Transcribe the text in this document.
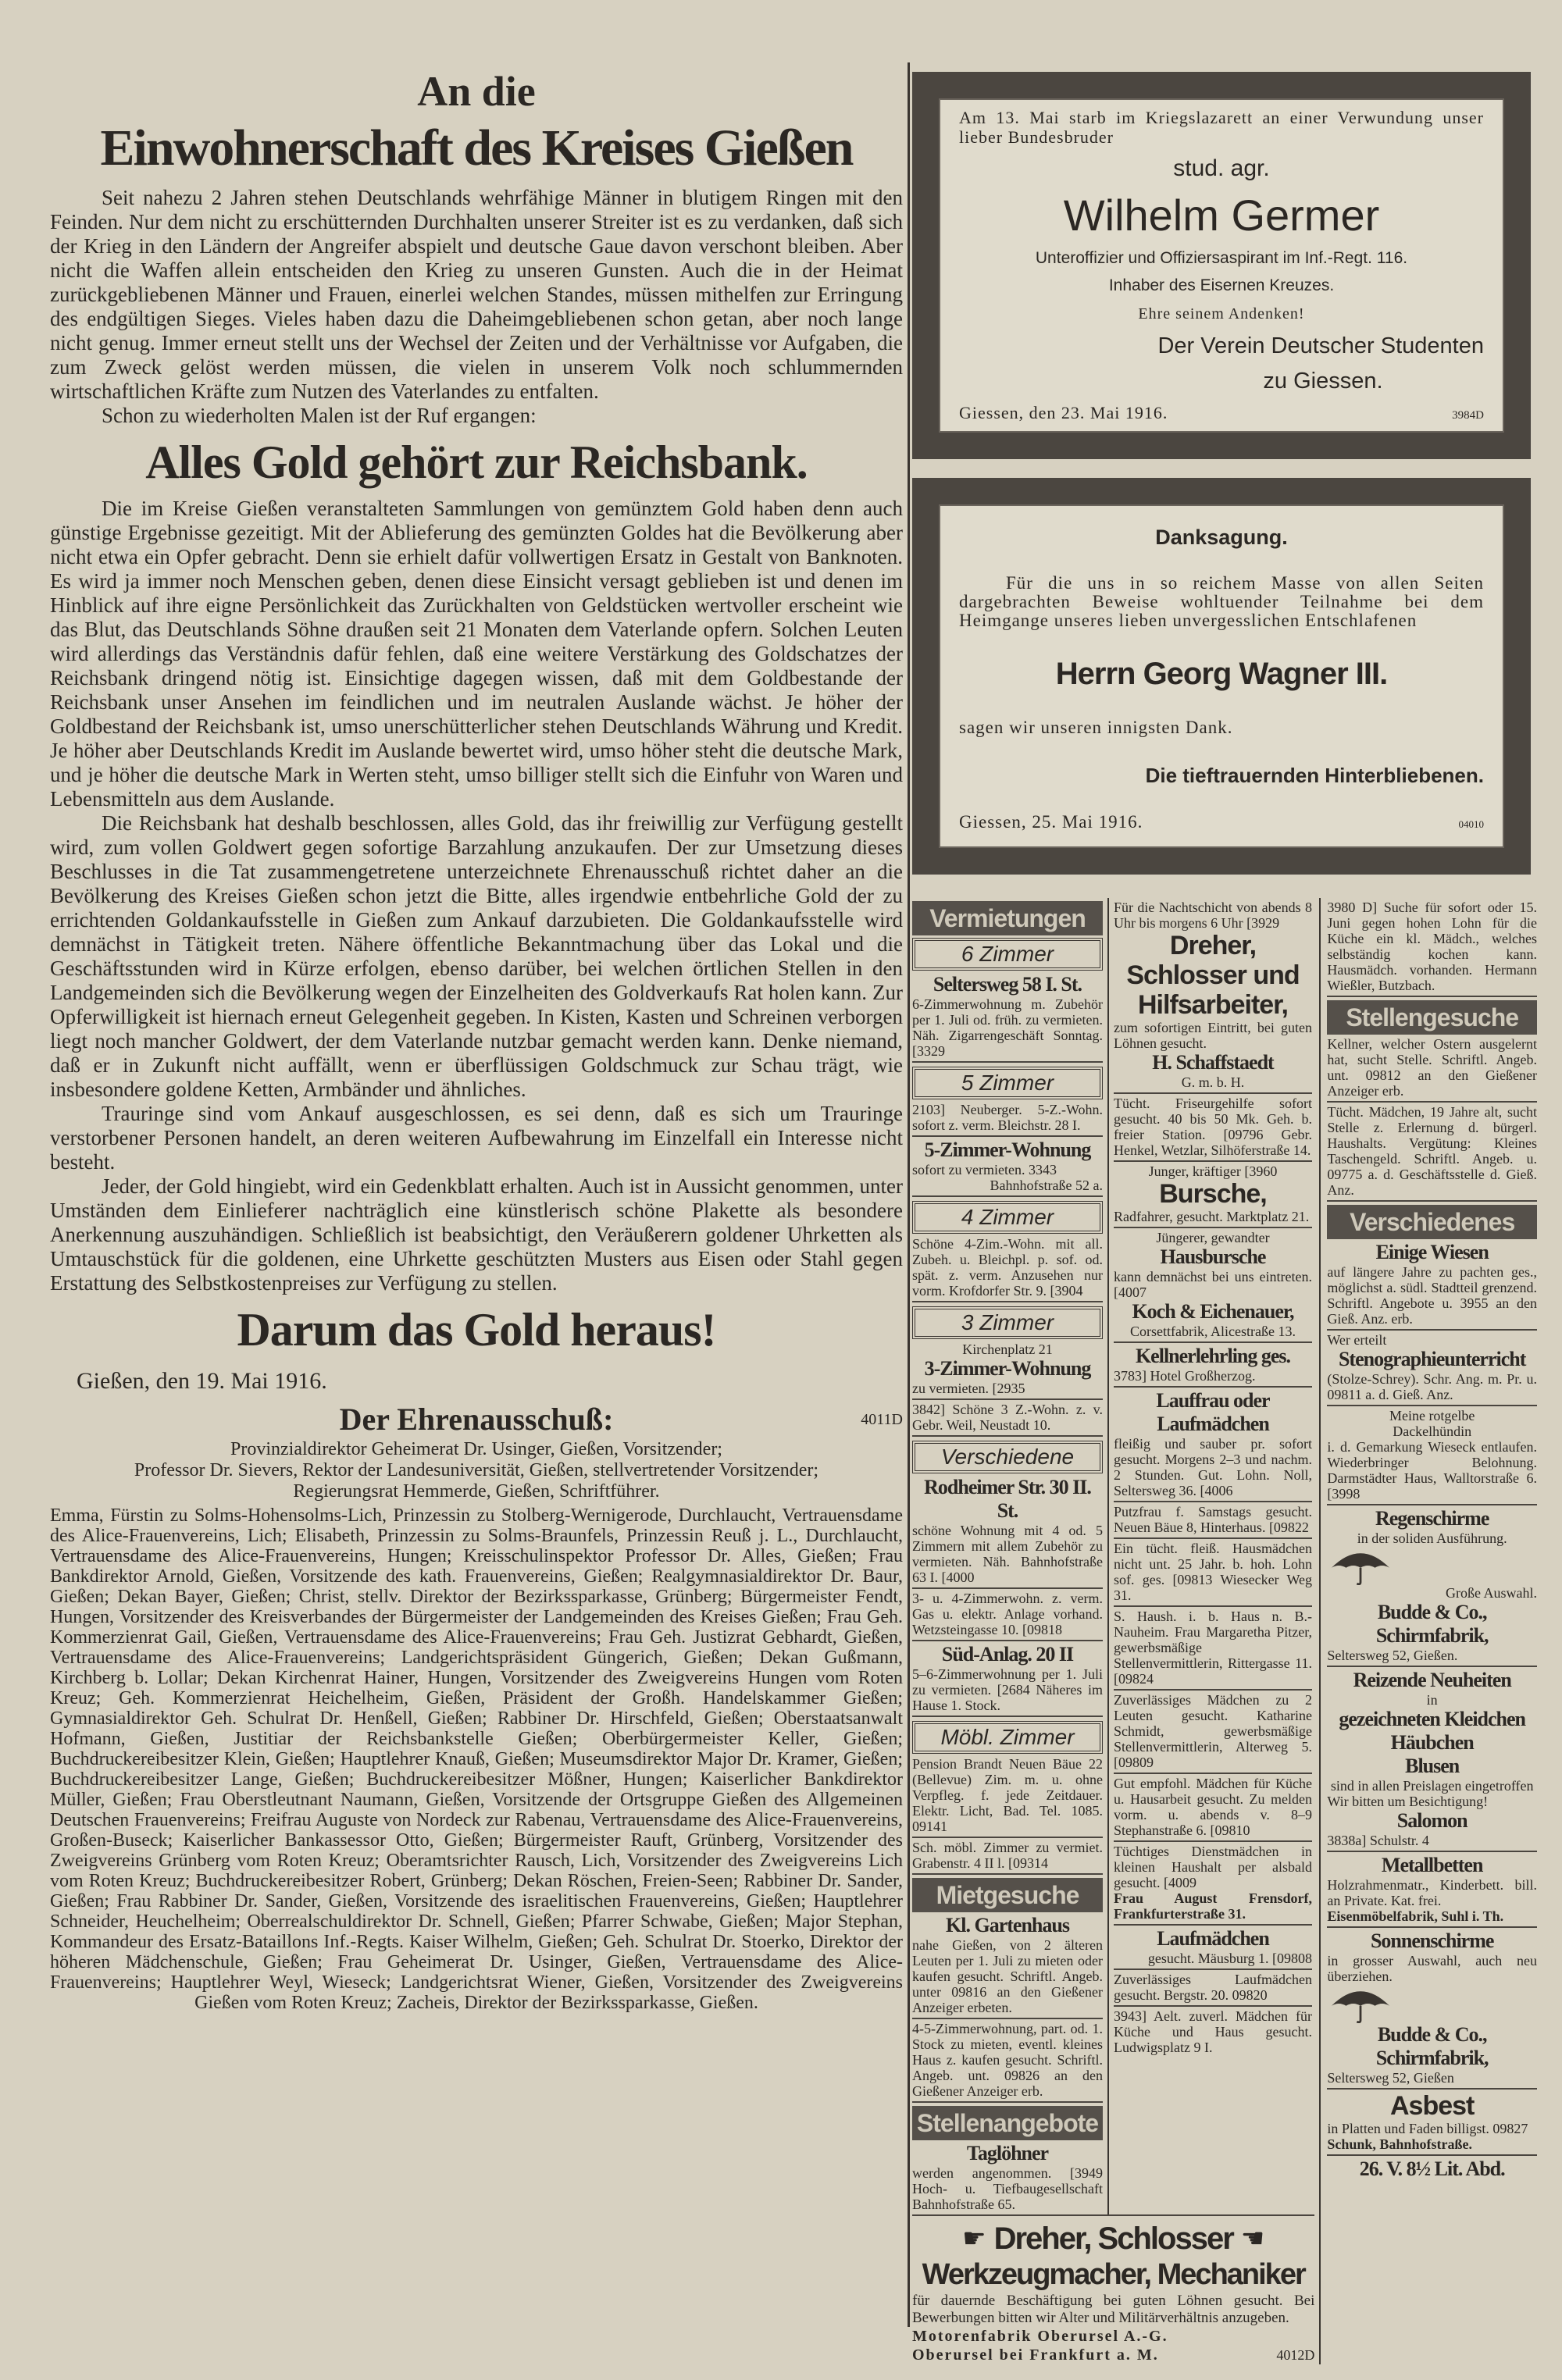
An die
Einwohnerschaft des Kreises Gießen

Seit nahezu 2 Jahren stehen Deutschlands wehrfähige Männer in blutigem Ringen mit den Feinden. Nur dem nicht zu erschütternden Durchhalten unserer Streiter ist es zu verdanken, daß sich der Krieg in den Ländern der Angreifer abspielt und deutsche Gaue davon verschont bleiben. Aber nicht die Waffen allein entscheiden den Krieg zu unseren Gunsten. Auch die in der Heimat zurückgebliebenen Männer und Frauen, einerlei welchen Standes, müssen mithelfen zur Erringung des endgültigen Sieges. Vieles haben dazu die Daheimgebliebenen schon getan, aber noch lange nicht genug. Immer erneut stellt uns der Wechsel der Zeiten und der Verhältnisse vor Aufgaben, die zum Zweck gelöst werden müssen, die vielen in unserem Volk noch schlummernden wirtschaftlichen Kräfte zum Nutzen des Vaterlandes zu entfalten.

Schon zu wiederholten Malen ist der Ruf ergangen:

Alles Gold gehört zur Reichsbank.

Die im Kreise Gießen veranstalteten Sammlungen von gemünztem Gold haben denn auch günstige Ergebnisse gezeitigt. Mit der Ablieferung des gemünzten Goldes hat die Bevölkerung aber nicht etwa ein Opfer gebracht. Denn sie erhielt dafür vollwertigen Ersatz in Gestalt von Banknoten. Es wird ja immer noch Menschen geben, denen diese Einsicht versagt geblieben ist und denen im Hinblick auf ihre eigne Persönlichkeit das Zurückhalten von Geldstücken wertvoller erscheint wie das Blut, das Deutschlands Söhne draußen seit 21 Monaten dem Vaterlande opfern. Solchen Leuten wird allerdings das Verständnis dafür fehlen, daß eine weitere Verstärkung des Goldschatzes der Reichsbank dringend nötig ist. Einsichtige dagegen wissen, daß mit dem Goldbestande der Reichsbank unser Ansehen im feindlichen und im neutralen Auslande wächst. Je höher der Goldbestand der Reichsbank ist, umso unerschütterlicher stehen Deutschlands Währung und Kredit. Je höher aber Deutschlands Kredit im Auslande bewertet wird, umso höher steht die deutsche Mark, und je höher die deutsche Mark in Werten steht, umso billiger stellt sich die Einfuhr von Waren und Lebensmitteln aus dem Auslande.

Die Reichsbank hat deshalb beschlossen, alles Gold, das ihr freiwillig zur Verfügung gestellt wird, zum vollen Goldwert gegen sofortige Barzahlung anzukaufen. Der zur Umsetzung dieses Beschlusses in die Tat zusammengetretene unterzeichnete Ehrenausschuß richtet daher an die Bevölkerung des Kreises Gießen schon jetzt die Bitte, alles irgendwie entbehrliche Gold der zu errichtenden Goldankaufsstelle in Gießen zum Ankauf darzubieten. Die Goldankaufsstelle wird demnächst in Tätigkeit treten. Nähere öffentliche Bekanntmachung über das Lokal und die Geschäftsstunden wird in Kürze erfolgen, ebenso darüber, bei welchen örtlichen Stellen in den Landgemeinden sich die Bevölkerung wegen der Einzelheiten des Goldverkaufs Rat holen kann. Zur Opferwilligkeit ist hiernach erneut Gelegenheit gegeben. In Kisten, Kasten und Schreinen verborgen liegt noch mancher Goldwert, der dem Vaterlande nutzbar gemacht werden kann. Denke niemand, daß er in Zukunft nicht auffällt, wenn er überflüssigen Goldschmuck zur Schau trägt, wie insbesondere goldene Ketten, Armbänder und ähnliches.

Trauringe sind vom Ankauf ausgeschlossen, es sei denn, daß es sich um Trauringe verstorbener Personen handelt, an deren weiteren Aufbewahrung im Einzelfall ein Interesse nicht besteht.

Jeder, der Gold hingiebt, wird ein Gedenkblatt erhalten. Auch ist in Aussicht genommen, unter Umständen dem Einlieferer nachträglich eine künstlerisch schöne Plakette als besondere Anerkennung auszuhändigen. Schließlich ist beabsichtigt, den Veräußerern goldener Uhrketten als Umtauschstück für die goldenen, eine Uhrkette geschützten Musters aus Eisen oder Stahl gegen Erstattung des Selbstkostenpreises zur Verfügung zu stellen.

Darum das Gold heraus!
Gießen, den 19. Mai 1916.
Der Ehrenausschuß:	4011D
Provinzialdirektor Geheimerat Dr. Usinger, Gießen, Vorsitzender;
Professor Dr. Sievers, Rektor der Landesuniversität, Gießen, stellvertretender Vorsitzender;
Regierungsrat Hemmerde, Gießen, Schriftführer.
Emma, Fürstin zu Solms-Hohensolms-Lich, Prinzessin zu Stolberg-Wernigerode, Durchlaucht, Vertrauensdame des Alice-Frauenvereins, Lich; Elisabeth, Prinzessin zu Solms-Braunfels, Prinzessin Reuß j. L., Durchlaucht, Vertrauensdame des Alice-Frauenvereins, Hungen; Kreisschulinspektor Professor Dr. Alles, Gießen; Frau Bankdirektor Arnold, Gießen, Vorsitzende des kath. Frauenvereins, Gießen; Realgymnasialdirektor Dr. Baur, Gießen; Dekan Bayer, Gießen; Christ, stellv. Direktor der Bezirkssparkasse, Grünberg; Bürgermeister Fendt, Hungen, Vorsitzender des Kreisverbandes der Bürgermeister der Landgemeinden des Kreises Gießen; Frau Geh. Kommerzienrat Gail, Gießen, Vertrauensdame des Alice-Frauenvereins; Frau Geh. Justizrat Gebhardt, Gießen, Vertrauensdame des Alice-Frauenvereins; Landgerichtspräsident Güngerich, Gießen; Dekan Gußmann, Kirchberg b. Lollar; Dekan Kirchenrat Hainer, Hungen, Vorsitzender des Zweigvereins Hungen vom Roten Kreuz; Geh. Kommerzienrat Heichelheim, Gießen, Präsident der Großh. Handelskammer Gießen; Gymnasialdirektor Geh. Schulrat Dr. Henßell, Gießen; Rabbiner Dr. Hirschfeld, Gießen; Oberstaatsanwalt Hofmann, Gießen, Justitiar der Reichsbankstelle Gießen; Oberbürgermeister Keller, Gießen; Buchdruckereibesitzer Klein, Gießen; Hauptlehrer Knauß, Gießen; Museumsdirektor Major Dr. Kramer, Gießen; Buchdruckereibesitzer Lange, Gießen; Buchdruckereibesitzer Mößner, Hungen; Kaiserlicher Bankdirektor Müller, Gießen; Frau Oberstleutnant Naumann, Gießen, Vorsitzende der Ortsgruppe Gießen des Allgemeinen Deutschen Frauenvereins; Freifrau Auguste von Nordeck zur Rabenau, Vertrauensdame des Alice-Frauenvereins, Großen-Buseck; Kaiserlicher Bankassessor Otto, Gießen; Bürgermeister Rauft, Grünberg, Vorsitzender des Zweigvereins Grünberg vom Roten Kreuz; Oberamtsrichter Rausch, Lich, Vorsitzender des Zweigvereins Lich vom Roten Kreuz; Buchdruckereibesitzer Robert, Grünberg; Dekan Röschen, Freien-Seen; Rabbiner Dr. Sander, Gießen; Frau Rabbiner Dr. Sander, Gießen, Vorsitzende des israelitischen Frauenvereins, Gießen; Hauptlehrer Schneider, Heuchelheim; Oberrealschuldirektor Dr. Schnell, Gießen; Pfarrer Schwabe, Gießen; Major Stephan, Kommandeur des Ersatz-Bataillons Inf.-Regts. Kaiser Wilhelm, Gießen; Geh. Schulrat Dr. Stoerko, Direktor der höheren Mädchenschule, Gießen; Frau Geheimerat Dr. Usinger, Gießen, Vertrauensdame des Alice-Frauenvereins; Hauptlehrer Weyl, Wieseck; Landgerichtsrat Wiener, Gießen, Vorsitzender des Zweigvereins Gießen vom Roten Kreuz; Zacheis, Direktor der Bezirkssparkasse, Gießen.
Am 13. Mai starb im Kriegslazarett an einer Verwundung unser lieber Bundesbruder
stud. agr.
Wilhelm Germer
Unteroffizier und Offiziersaspirant im Inf.-Regt. 116.
Inhaber des Eisernen Kreuzes.
Ehre seinem Andenken!
Der Verein Deutscher Studenten
zu Giessen.
Giessen, den 23. Mai 1916.	3984D
Danksagung.
Für die uns in so reichem Masse von allen Seiten dargebrachten Beweise wohltuender Teilnahme bei dem Heimgange unseres lieben unvergesslichen Entschlafenen
Herrn Georg Wagner III.
sagen wir unseren innigsten Dank.
Die tieftrauernden Hinterbliebenen.
Giessen, 25. Mai 1916.	04010
Vermietungen
6 Zimmer
Seltersweg 58 I. St.
6-Zimmerwohnung m. Zubehör per 1. Juli od. früh. zu vermieten. Näh. Zigarrengeschäft Sonntag. [3329
5 Zimmer
2103] Neuberger. 5-Z.-Wohn. sofort z. verm. Bleichstr. 28 I.
5-Zimmer-Wohnung
sofort zu vermieten. 3343
Bahnhofstraße 52 a.
4 Zimmer
Schöne 4-Zim.-Wohn. mit all. Zubeh. u. Bleichpl. p. sof. od. spät. z. verm. Anzusehen nur vorm. Krofdorfer Str. 9. [3904
3 Zimmer
Kirchenplatz 21
3-Zimmer-Wohnung
zu vermieten. [2935
3842] Schöne 3 Z.-Wohn. z. v. Gebr. Weil, Neustadt 10.
Verschiedene
Rodheimer Str. 30 II. St.
schöne Wohnung mit 4 od. 5 Zimmern mit allem Zubehör zu vermieten. Näh. Bahnhofstraße 63 I. [4000
3- u. 4-Zimmerwohn. z. verm. Gas u. elektr. Anlage vorhand. Wetzsteingasse 10. [09818
Süd-Anlag. 20 II
5–6-Zimmerwohnung per 1. Juli zu vermieten. [2684 Näheres im Hause 1. Stock.
Möbl. Zimmer
Pension Brandt Neuen Bäue 22 (Bellevue) Zim. m. u. ohne Verpfleg. f. jede Zeitdauer. Elektr. Licht, Bad. Tel. 1085. 09141
Sch. möbl. Zimmer zu vermiet. Grabenstr. 4 II l. [09314
Mietgesuche
Kl. Gartenhaus
nahe Gießen, von 2 älteren Leuten per 1. Juli zu mieten oder kaufen gesucht. Schriftl. Angeb. unter 09816 an den Gießener Anzeiger erbeten.
4-5-Zimmerwohnung, part. od. 1. Stock zu mieten, eventl. kleines Haus z. kaufen gesucht. Schriftl. Angeb. unt. 09826 an den Gießener Anzeiger erb.
Stellenangebote
Taglöhner
werden angenommen. [3949 Hoch- u. Tiefbaugesellschaft Bahnhofstraße 65.
Für die Nachtschicht von abends 8 Uhr bis morgens 6 Uhr [3929
Dreher, Schlosser und Hilfsarbeiter,
zum sofortigen Eintritt, bei guten Löhnen gesucht.
H. Schaffstaedt
G. m. b. H.
Tücht. Friseurgehilfe sofort gesucht. 40 bis 50 Mk. Geh. b. freier Station. [09796 Gebr. Henkel, Wetzlar, Silhöferstraße 14.
Junger, kräftiger [3960
Bursche,
Radfahrer, gesucht. Marktplatz 21.
Jüngerer, gewandter
Hausbursche
kann demnächst bei uns eintreten. [4007
Koch & Eichenauer,
Corsettfabrik, Alicestraße 13.
Kellnerlehrling ges.
3783] Hotel Großherzog.
Lauffrau oder Laufmädchen
fleißig und sauber pr. sofort gesucht. Morgens 2–3 und nachm. 2 Stunden. Gut. Lohn. Noll, Seltersweg 36. [4006
Putzfrau f. Samstags gesucht. Neuen Bäue 8, Hinterhaus. [09822
Ein tücht. fleiß. Hausmädchen nicht unt. 25 Jahr. b. hoh. Lohn sof. ges. [09813 Wiesecker Weg 31.
S. Haush. i. b. Haus n. B.-Nauheim. Frau Margaretha Pitzer, gewerbsmäßige Stellenvermittlerin, Rittergasse 11. [09824
Zuverlässiges Mädchen zu 2 Leuten gesucht. Katharine Schmidt, gewerbsmäßige Stellenvermittlerin, Alterweg 5. [09809
Gut empfohl. Mädchen für Küche u. Hausarbeit gesucht. Zu melden vorm. u. abends v. 8–9 Stephanstraße 6. [09810
Tüchtiges Dienstmädchen in kleinen Haushalt per alsbald gesucht. [4009
Frau August Frensdorf, Frankfurterstraße 31.
Laufmädchen
gesucht. Mäusburg 1. [09808
Zuverlässiges Laufmädchen gesucht. Bergstr. 20. 09820
3943] Aelt. zuverl. Mädchen für Küche und Haus gesucht. Ludwigsplatz 9 I.
☛ Dreher, Schlosser ☚
Werkzeugmacher, Mechaniker
für dauernde Beschäftigung bei guten Löhnen gesucht. Bei Bewerbungen bitten wir Alter und Militärverhältnis anzugeben.
Motorenfabrik Oberursel A.-G.
Oberursel bei Frankfurt a. M.	4012D
3980 D] Suche für sofort oder 15. Juni gegen hohen Lohn für die Küche ein kl. Mädch., welches selbständig kochen kann. Hausmädch. vorhanden. Hermann Wießler, Butzbach.
Stellengesuche
Kellner, welcher Ostern ausgelernt hat, sucht Stelle. Schriftl. Angeb. unt. 09812 an den Gießener Anzeiger erb.
Tücht. Mädchen, 19 Jahre alt, sucht Stelle z. Erlernung d. bürgerl. Haushalts. Vergütung: Kleines Taschengeld. Schriftl. Angeb. u. 09775 a. d. Geschäftsstelle d. Gieß. Anz.
Verschiedenes
Einige Wiesen
auf längere Jahre zu pachten ges., möglichst a. südl. Stadtteil grenzend. Schriftl. Angebote u. 3955 an den Gieß. Anz. erb.
Wer erteilt
Stenographieunterricht
(Stolze-Schrey). Schr. Ang. m. Pr. u. 09811 a. d. Gieß. Anz.
Meine rotgelbe
Dackelhündin
i. d. Gemarkung Wieseck entlaufen. Wiederbringer Belohnung. Darmstädter Haus, Walltorstraße 6. [3998
Regenschirme
in der soliden Ausführung.
Große Auswahl.
Budde & Co., Schirmfabrik,
Seltersweg 52, Gießen.
Reizende Neuheiten
in
gezeichneten Kleidchen
Häubchen
Blusen
sind in allen Preislagen eingetroffen
Wir bitten um Besichtigung!
Salomon
3838a] Schulstr. 4
Metallbetten
Holzrahmenmatr., Kinderbett. bill. an Private. Kat. frei.
Eisenmöbelfabrik, Suhl i. Th.
Sonnenschirme
in grosser Auswahl, auch neu überziehen.
Budde & Co., Schirmfabrik,
Seltersweg 52, Gießen
Asbest
in Platten und Faden billigst. 09827
Schunk, Bahnhofstraße.
26. V. 8½ Lit. Abd.
